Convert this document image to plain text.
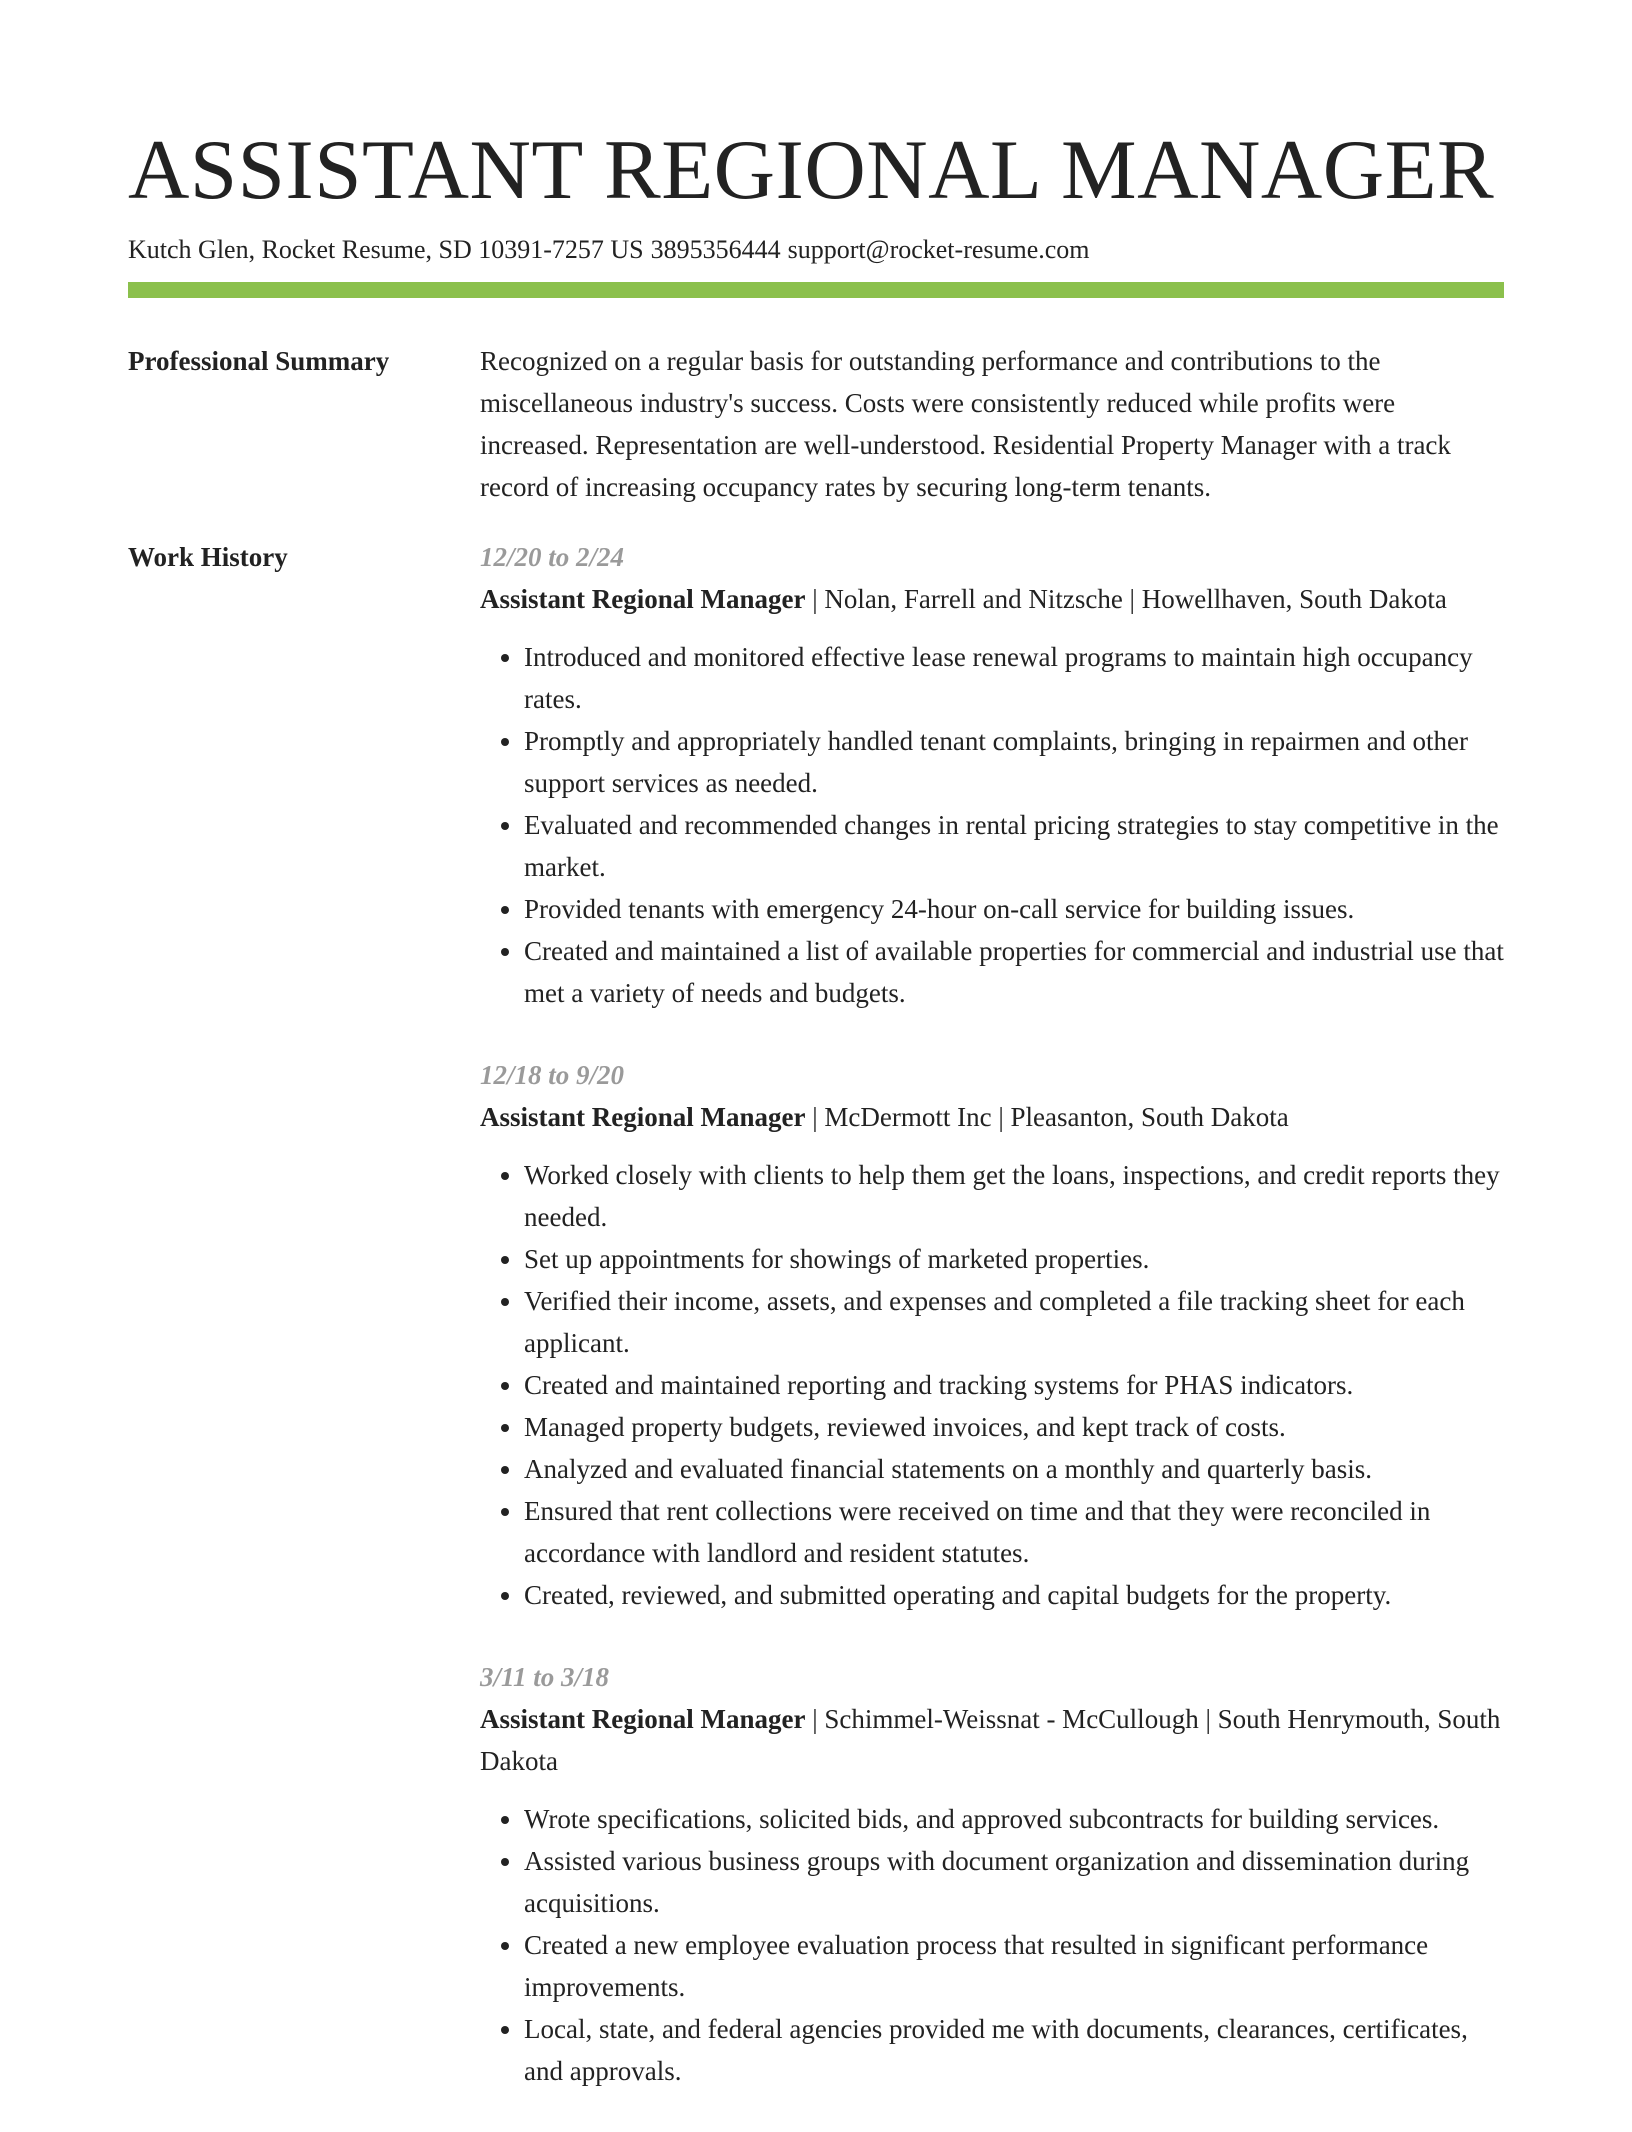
ASSISTANT REGIONAL MANAGER
Kutch Glen, Rocket Resume, SD 10391-7257 US 3895356444 support@rocket-resume.com
Professional Summary	Recognized on a regular basis for outstanding performance and contributions to the miscellaneous industry's success. Costs were consistently reduced while profits were increased. Representation are well-understood. Residential Property Manager with a track record of increasing occupancy rates by securing long-term tenants.

Work History	12/20 to 2/24
Assistant Regional Manager | Nolan, Farrell and Nitzsche | Howellhaven, South Dakota
• Introduced and monitored effective lease renewal programs to maintain high occupancy rates.
• Promptly and appropriately handled tenant complaints, bringing in repairmen and other support services as needed.
• Evaluated and recommended changes in rental pricing strategies to stay competitive in the market.
• Provided tenants with emergency 24-hour on-call service for building issues.
• Created and maintained a list of available properties for commercial and industrial use that met a variety of needs and budgets.
12/18 to 9/20
Assistant Regional Manager | McDermott Inc | Pleasanton, South Dakota
• Worked closely with clients to help them get the loans, inspections, and credit reports they needed.
• Set up appointments for showings of marketed properties.
• Verified their income, assets, and expenses and completed a file tracking sheet for each applicant.
• Created and maintained reporting and tracking systems for PHAS indicators.
• Managed property budgets, reviewed invoices, and kept track of costs.
• Analyzed and evaluated financial statements on a monthly and quarterly basis.
• Ensured that rent collections were received on time and that they were reconciled in accordance with landlord and resident statutes.
• Created, reviewed, and submitted operating and capital budgets for the property.
3/11 to 3/18
Assistant Regional Manager | Schimmel-Weissnat - McCullough | South Henrymouth, South Dakota
• Wrote specifications, solicited bids, and approved subcontracts for building services.
• Assisted various business groups with document organization and dissemination during acquisitions.
• Created a new employee evaluation process that resulted in significant performance improvements.
• Local, state, and federal agencies provided me with documents, clearances, certificates, and approvals.
